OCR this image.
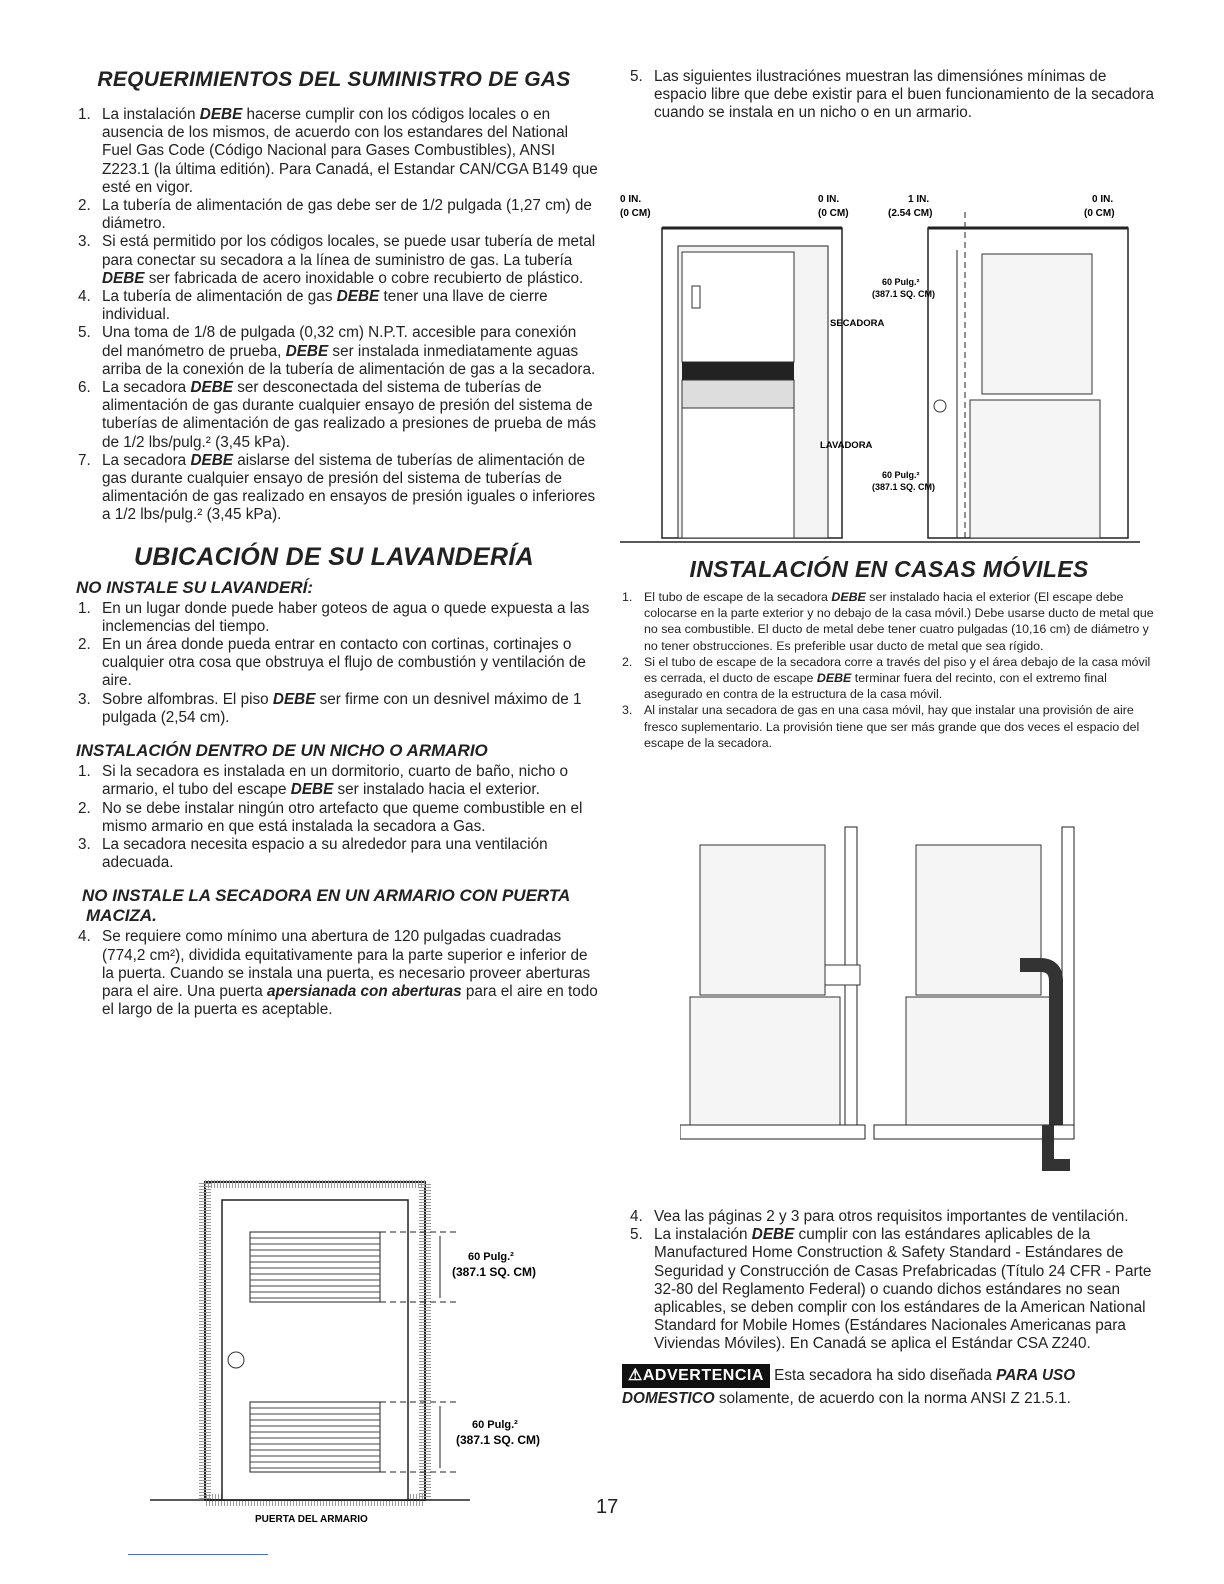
REQUERIMIENTOS DEL SUMINISTRO DE GAS
1. La instalación DEBE hacerse cumplir con los códigos locales o en ausencia de los mismos, de acuerdo con los estandares del National Fuel Gas Code (Código Nacional para Gases Combustibles), ANSI Z223.1 (la última editión). Para Canadá, el Estandar CAN/CGA B149 que esté en vigor.
2. La tubería de alimentación de gas debe ser de 1/2 pulgada (1,27 cm) de diámetro.
3. Si está permitido por los códigos locales, se puede usar tubería de metal para conectar su secadora a la línea de suministro de gas. La tubería DEBE ser fabricada de acero inoxidable o cobre recubierto de plástico.
4. La tubería de alimentación de gas DEBE tener una llave de cierre individual.
5. Una toma de 1/8 de pulgada (0,32 cm) N.P.T. accesible para conexión del manómetro de prueba, DEBE ser instalada inmediatamente aguas arriba de la conexión de la tubería de alimentación de gas a la secadora.
6. La secadora DEBE ser desconectada del sistema de tuberías de alimentación de gas durante cualquier ensayo de presión del sistema de tuberías de alimentación de gas realizado a presiones de prueba de más de 1/2 lbs/pulg.² (3,45 kPa).
7. La secadora DEBE aislarse del sistema de tuberías de alimentación de gas durante cualquier ensayo de presión del sistema de tuberías de alimentación de gas realizado en ensayos de presión iguales o inferiores a 1/2 lbs/pulg.² (3,45 kPa).
UBICACIÓN DE SU LAVANDERÍA
NO INSTALE SU LAVANDERÍ:
1. En un lugar donde puede haber goteos de agua o quede expuesta a las inclemencias del tiempo.
2. En un área donde pueda entrar en contacto con cortinas, cortinajes o cualquier otra cosa que obstruya el flujo de combustión y ventilación de aire.
3. Sobre alfombras. El piso DEBE ser firme con un desnivel máximo de 1 pulgada (2,54 cm).
INSTALACIÓN DENTRO DE UN NICHO O ARMARIO
1. Si la secadora es instalada en un dormitorio, cuarto de baño, nicho o armario, el tubo del escape DEBE ser instalado hacia el exterior.
2. No se debe instalar ningún otro artefacto que queme combustible en el mismo armario en que está instalada la secadora a Gas.
3. La secadora necesita espacio a su alrededor para una ventilación adecuada.
NO INSTALE LA SECADORA EN UN ARMARIO CON PUERTA MACIZA.
4. Se requiere como mínimo una abertura de 120 pulgadas cuadradas (774,2 cm²), dividida equitativamente para la parte superior e inferior de la puerta. Cuando se instala una puerta, es necesario proveer aberturas para el aire. Una puerta apersianada con aberturas para el aire en todo el largo de la puerta es aceptable.
60 Pulg.²
(387.1 SQ. CM)
60 Pulg.²
(387.1 SQ. CM)
PUERTA DEL ARMARIO
5. Las siguientes ilustraciónes muestran las dimensiónes mínimas de espacio libre que debe existir para el buen funcionamiento de la secadora cuando se instala en un nicho o en un armario.
0 IN.
(0 CM)
0 IN.
(0 CM)
1 IN.
(2.54 CM)
0 IN.
(0 CM)
60 Pulg.²
(387.1 SQ. CM)
SECADORA
LAVADORA
60 Pulg.²
(387.1 SQ. CM)
INSTALACIÓN EN CASAS MÓVILES
1. El tubo de escape de la secadora DEBE ser instalado hacia el exterior (El escape debe colocarse en la parte exterior y no debajo de la casa móvil.) Debe usarse ducto de metal que no sea combustible. El ducto de metal debe tener cuatro pulgadas (10,16 cm) de diámetro y no tener obstrucciones. Es preferible usar ducto de metal que sea rígido.
2. Si el tubo de escape de la secadora corre a través del piso y el área debajo de la casa móvil es cerrada, el ducto de escape DEBE terminar fuera del recinto, con el extremo final asegurado en contra de la estructura de la casa móvil.
3. Al instalar una secadora de gas en una casa móvil, hay que instalar una provisión de aire fresco suplementario. La provisión tiene que ser más grande que dos veces el espacio del escape de la secadora.
4. Vea las páginas 2 y 3 para otros requisitos importantes de ventilación.
5. La instalación DEBE cumplir con las estándares aplicables de la Manufactured Home Construction & Safety Standard - Estándares de Seguridad y Construcción de Casas Prefabricadas (Título 24 CFR - Parte 32-80 del Reglamento Federal) o cuando dichos estándares no sean aplicables, se deben complir con los estándares de la American National Standard for Mobile Homes (Estándares Nacionales Americanas para Viviendas Móviles). En Canadá se aplica el Estándar CSA Z240.
⚠ADVERTENCIA Esta secadora ha sido diseñada PARA USO DOMESTICO solamente, de acuerdo con la norma ANSI Z 21.5.1.
17
